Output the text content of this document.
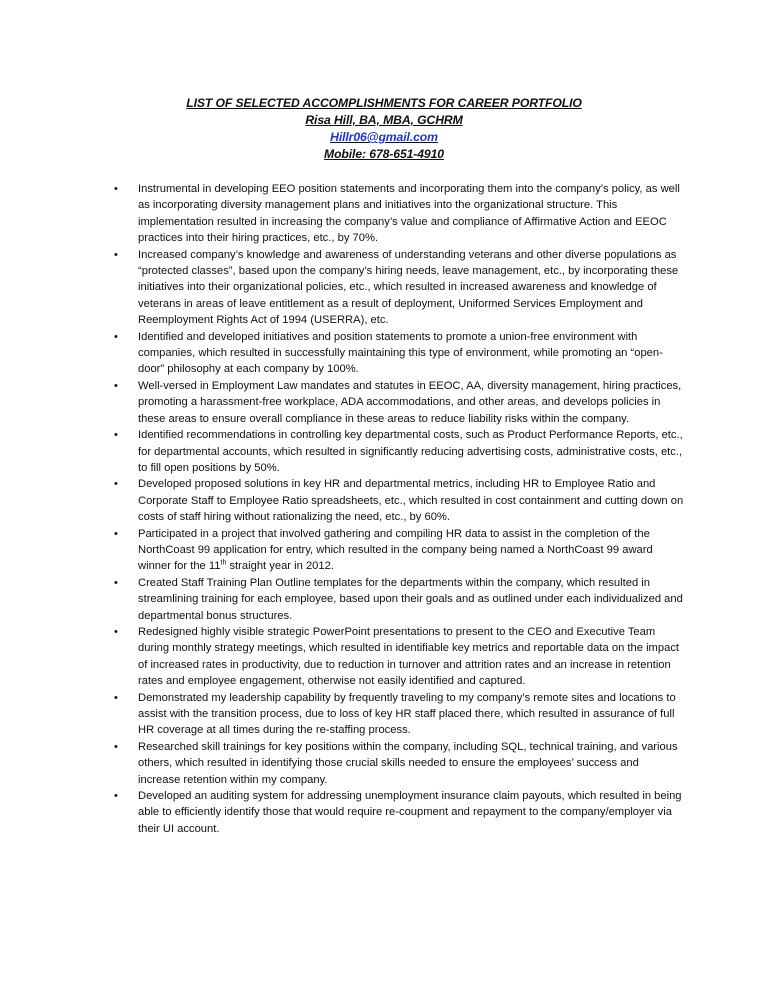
LIST OF SELECTED ACCOMPLISHMENTS FOR CAREER PORTFOLIO
Risa Hill, BA, MBA, GCHRM
Hillr06@gmail.com
Mobile: 678-651-4910
•	Instrumental in developing EEO position statements and incorporating them into the company’s policy, as well as incorporating diversity management plans and initiatives into the organizational structure. This implementation resulted in increasing the company’s value and compliance of Affirmative Action and EEOC practices into their hiring practices, etc., by 70%.
•	Increased company’s knowledge and awareness of understanding veterans and other diverse populations as “protected classes”, based upon the company’s hiring needs, leave management, etc., by incorporating these initiatives into their organizational policies, etc., which resulted in increased awareness and knowledge of veterans in areas of leave entitlement as a result of deployment, Uniformed Services Employment and Reemployment Rights Act of 1994 (USERRA), etc.
•	Identified and developed initiatives and position statements to promote a union-free environment with companies, which resulted in successfully maintaining this type of environment, while promoting an “open-door” philosophy at each company by 100%.
•	Well-versed in Employment Law mandates and statutes in EEOC, AA, diversity management, hiring practices, promoting a harassment-free workplace, ADA accommodations, and other areas, and develops policies in these areas to ensure overall compliance in these areas to reduce liability risks within the company.
•	Identified recommendations in controlling key departmental costs, such as Product Performance Reports, etc., for departmental accounts, which resulted in significantly reducing advertising costs, administrative costs, etc., to fill open positions by 50%.
•	Developed proposed solutions in key HR and departmental metrics, including HR to Employee Ratio and Corporate Staff to Employee Ratio spreadsheets, etc., which resulted in cost containment and cutting down on costs of staff hiring without rationalizing the need, etc., by 60%.
•	Participated in a project that involved gathering and compiling HR data to assist in the completion of the NorthCoast 99 application for entry, which resulted in the company being named a NorthCoast 99 award winner for the 11th straight year in 2012.
•	Created Staff Training Plan Outline templates for the departments within the company, which resulted in streamlining training for each employee, based upon their goals and as outlined under each individualized and departmental bonus structures.
•	Redesigned highly visible strategic PowerPoint presentations to present to the CEO and Executive Team during monthly strategy meetings, which resulted in identifiable key metrics and reportable data on the impact of increased rates in productivity, due to reduction in turnover and attrition rates and an increase in retention rates and employee engagement, otherwise not easily identified and captured.
•	Demonstrated my leadership capability by frequently traveling to my company’s remote sites and locations to assist with the transition process, due to loss of key HR staff placed there, which resulted in assurance of full HR coverage at all times during the re-staffing process.
•	Researched skill trainings for key positions within the company, including SQL, technical training, and various others, which resulted in identifying those crucial skills needed to ensure the employees’ success and increase retention within my company.
•	Developed an auditing system for addressing unemployment insurance claim payouts, which resulted in being able to efficiently identify those that would require re-coupment and repayment to the company/employer via their UI account.
